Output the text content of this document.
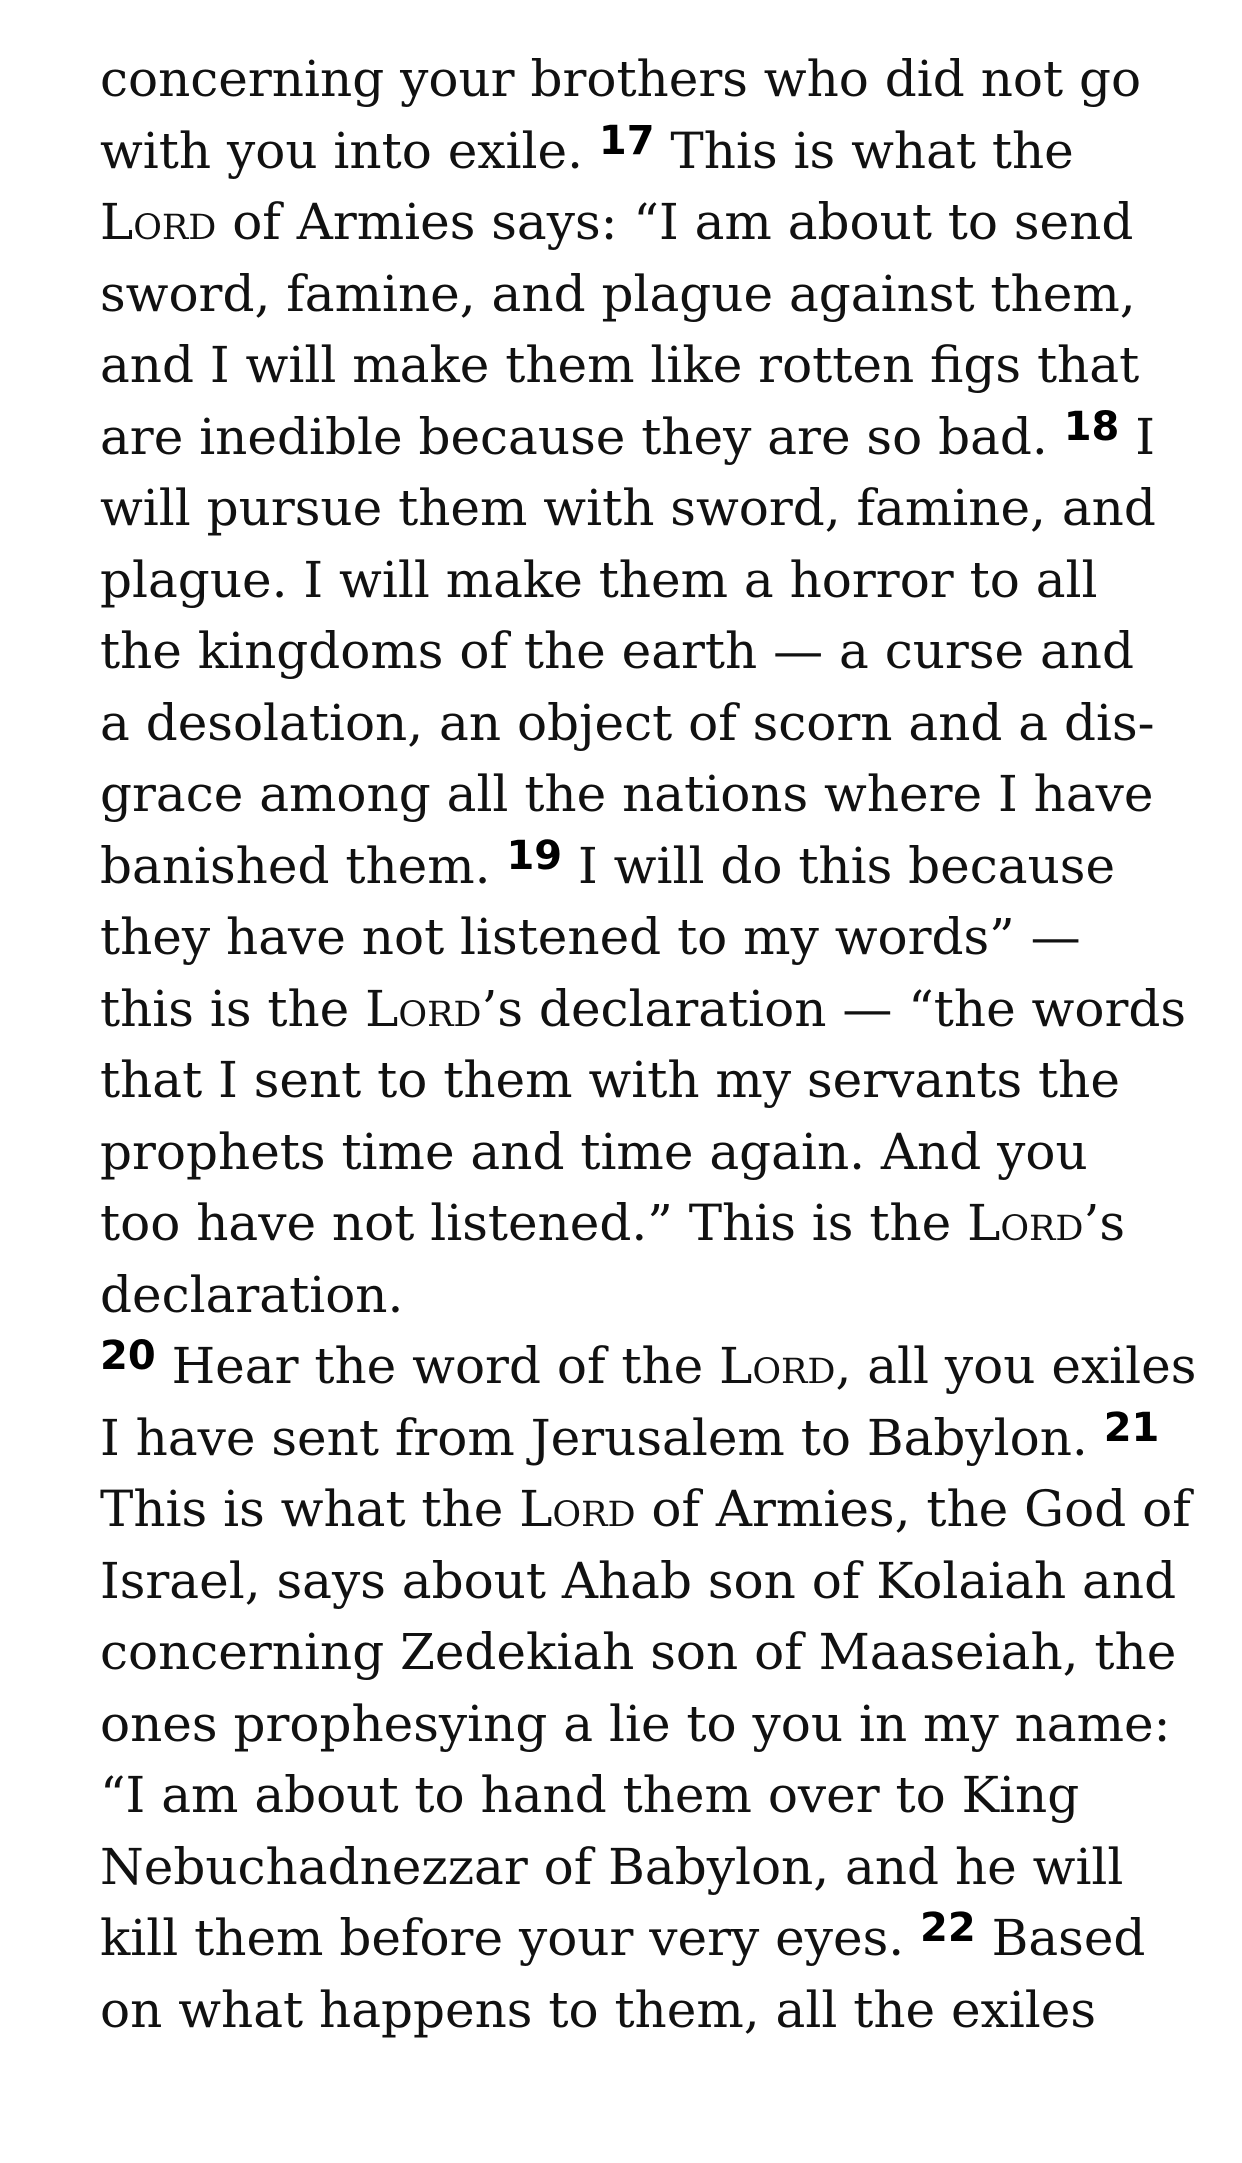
concerning your brothers who did not go
with you into exile. $^{17}$ This is what the
Lord of Armies says: “I am about to send
sword, famine, and plague against them,
and I will make them like rotten figs that
are inedible because they are so bad. $^{18}$ I
will pursue them with sword, famine, and
plague. I will make them a horror to all
the kingdoms of the earth — a curse and
a desolation, an object of scorn and a dis-
grace among all the nations where I have
banished them. $^{19}$ I will do this because
they have not listened to my words” —
this is the Lord’s declaration — “the words
that I sent to them with my servants the
prophets time and time again. And you
too have not listened.” This is the Lord’s
declaration.
$^{20}$ Hear the word of the Lord, all you exiles
I have sent from Jerusalem to Babylon. $^{21}$
This is what the Lord of Armies, the God of
Israel, says about Ahab son of Kolaiah and
concerning Zedekiah son of Maaseiah, the
ones prophesying a lie to you in my name:
“I am about to hand them over to King
Nebuchadnezzar of Babylon, and he will
kill them before your very eyes. $^{22}$ Based
on what happens to them, all the exiles
